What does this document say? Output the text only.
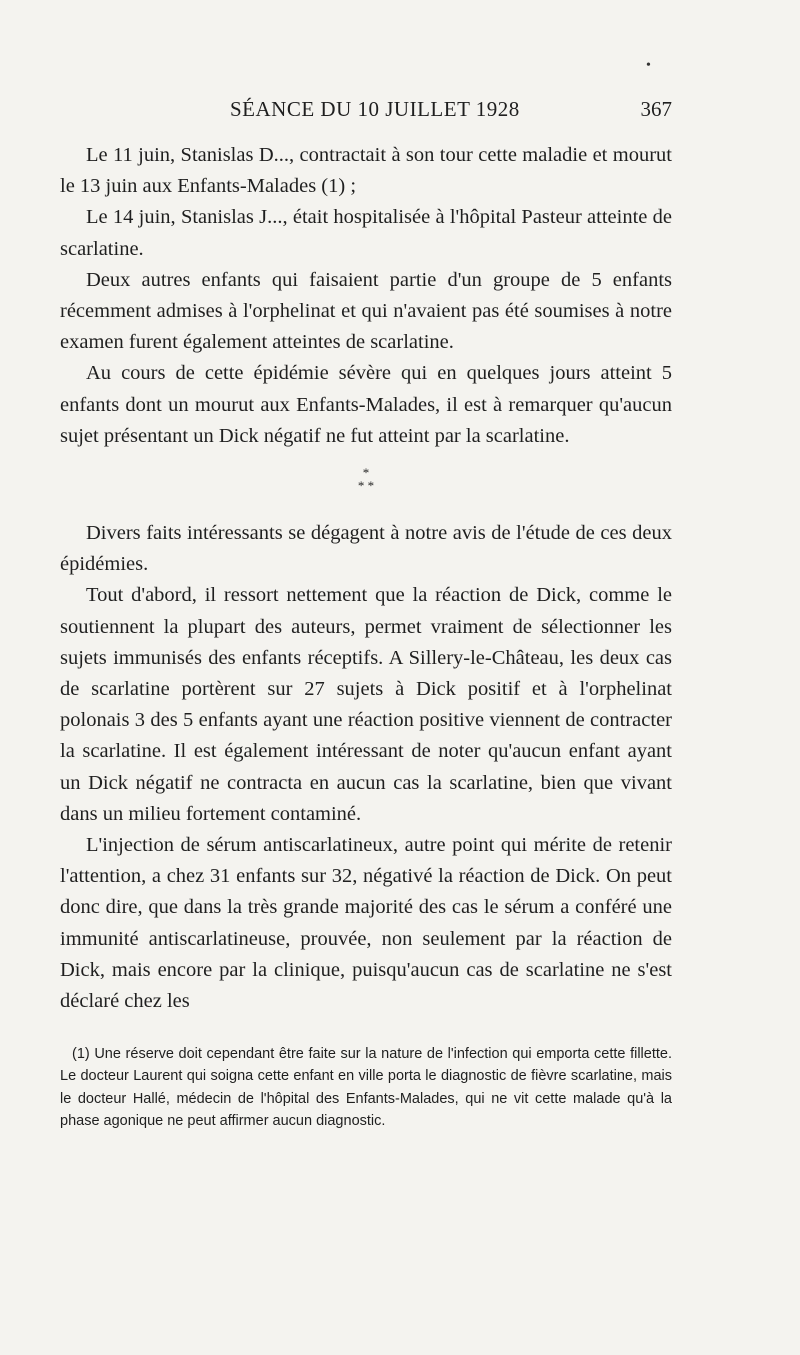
•
SÉANCE DU 10 JUILLET 1928	367

Le 11 juin, Stanislas D..., contractait à son tour cette maladie et mourut le 13 juin aux Enfants-Malades (1) ;

Le 14 juin, Stanislas J..., était hospitalisée à l'hôpital Pasteur atteinte de scarlatine.

Deux autres enfants qui faisaient partie d'un groupe de 5 enfants récemment admises à l'orphelinat et qui n'avaient pas été soumises à notre examen furent également atteintes de scarlatine.

Au cours de cette épidémie sévère qui en quelques jours atteint 5 enfants dont un mourut aux Enfants-Malades, il est à remarquer qu'aucun sujet présentant un Dick négatif ne fut atteint par la scarlatine.

*
* *

Divers faits intéressants se dégagent à notre avis de l'étude de ces deux épidémies.

Tout d'abord, il ressort nettement que la réaction de Dick, comme le soutiennent la plupart des auteurs, permet vraiment de sélectionner les sujets immunisés des enfants réceptifs. A Sillery-le-Château, les deux cas de scarlatine portèrent sur 27 sujets à Dick positif et à l'orphelinat polonais 3 des 5 enfants ayant une réaction positive viennent de contracter la scarlatine. Il est également intéressant de noter qu'aucun enfant ayant un Dick négatif ne contracta en aucun cas la scarlatine, bien que vivant dans un milieu fortement contaminé.

L'injection de sérum antiscarlatineux, autre point qui mérite de retenir l'attention, a chez 31 enfants sur 32, négativé la réaction de Dick. On peut donc dire, que dans la très grande majorité des cas le sérum a conféré une immunité antiscarlatineuse, prouvée, non seulement par la réaction de Dick, mais encore par la clinique, puisqu'aucun cas de scarlatine ne s'est déclaré chez les

(1) Une réserve doit cependant être faite sur la nature de l'infection qui emporta cette fillette. Le docteur Laurent qui soigna cette enfant en ville porta le diagnostic de fièvre scarlatine, mais le docteur Hallé, médecin de l'hôpital des Enfants-Malades, qui ne vit cette malade qu'à la phase agonique ne peut affirmer aucun diagnostic.
